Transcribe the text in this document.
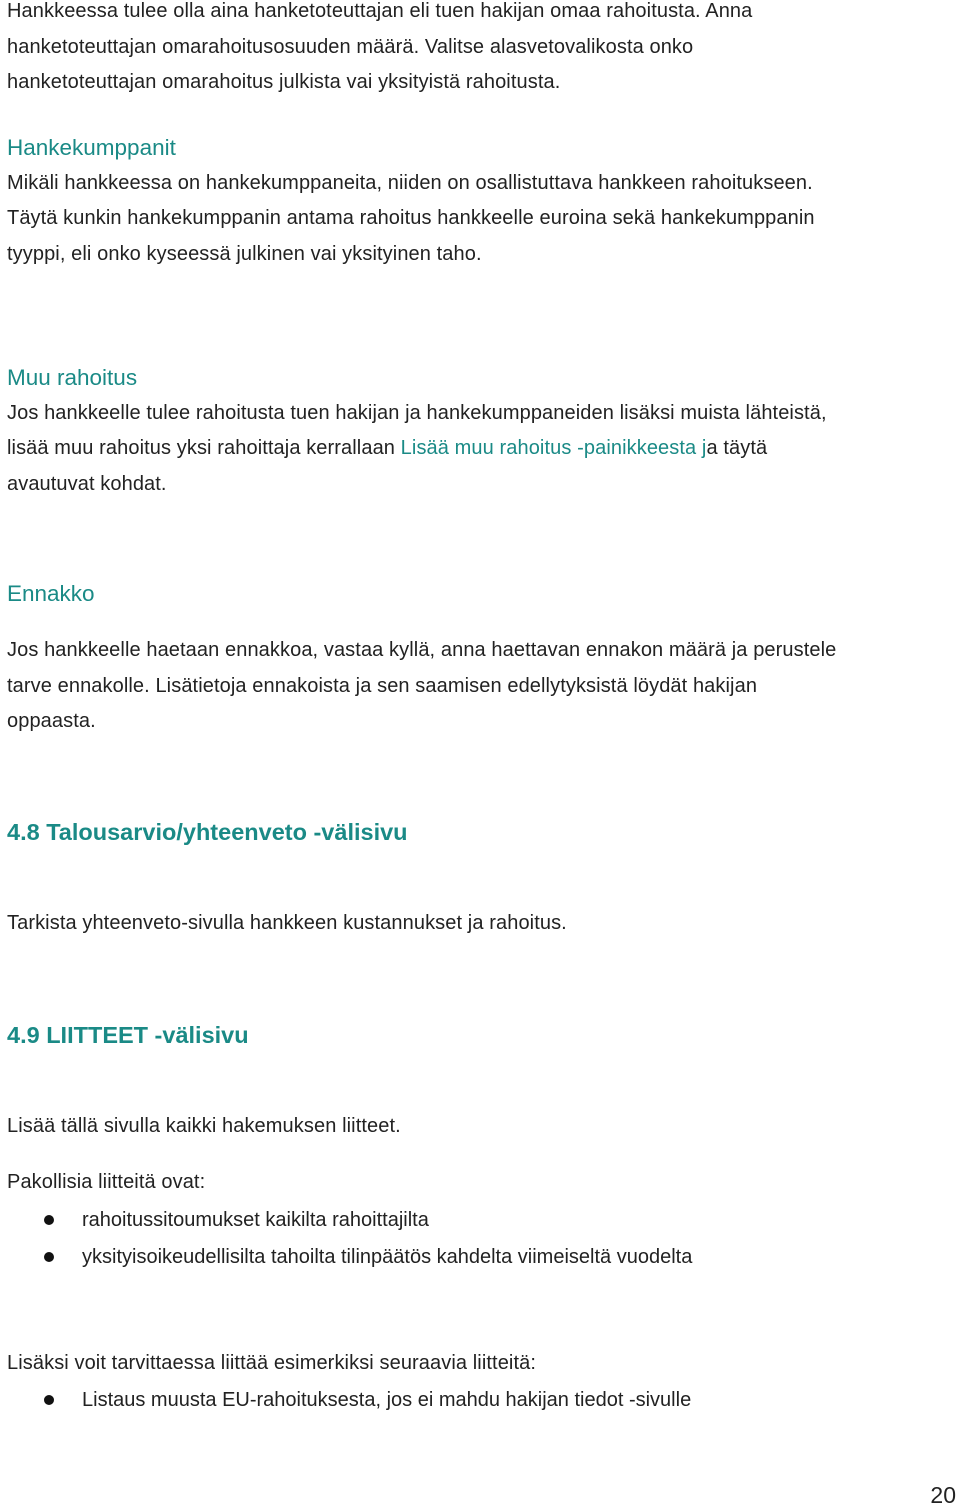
Hankkeessa tulee olla aina hanketoteuttajan eli tuen hakijan omaa rahoitusta. Anna

hanketoteuttajan omarahoitusosuuden määrä. Valitse alasvetovalikosta onko

hanketoteuttajan omarahoitus julkista vai yksityistä rahoitusta.

Hankekumppanit

Mikäli hankkeessa on hankekumppaneita, niiden on osallistuttava hankkeen rahoitukseen.

Täytä kunkin hankekumppanin antama rahoitus hankkeelle euroina sekä hankekumppanin

tyyppi, eli onko kyseessä julkinen vai yksityinen taho.

Muu rahoitus

Jos hankkeelle tulee rahoitusta tuen hakijan ja hankekumppaneiden lisäksi muista lähteistä,

lisää muu rahoitus yksi rahoittaja kerrallaan Lisää muu rahoitus -painikkeesta ja täytä

avautuvat kohdat.

Ennakko

Jos hankkeelle haetaan ennakkoa, vastaa kyllä, anna haettavan ennakon määrä ja perustele

tarve ennakolle. Lisätietoja ennakoista ja sen saamisen edellytyksistä löydät hakijan

oppaasta.

4.8 Talousarvio/yhteenveto -välisivu

Tarkista yhteenveto-sivulla hankkeen kustannukset ja rahoitus.

4.9 LIITTEET -välisivu

Lisää tällä sivulla kaikki hakemuksen liitteet.

Pakollisia liitteitä ovat:

rahoitussitoumukset kaikilta rahoittajilta
yksityisoikeudellisilta tahoilta tilinpäätös kahdelta viimeiseltä vuodelta

Lisäksi voit tarvittaessa liittää esimerkiksi seuraavia liitteitä:

Listaus muusta EU-rahoituksesta, jos ei mahdu hakijan tiedot -sivulle
20
